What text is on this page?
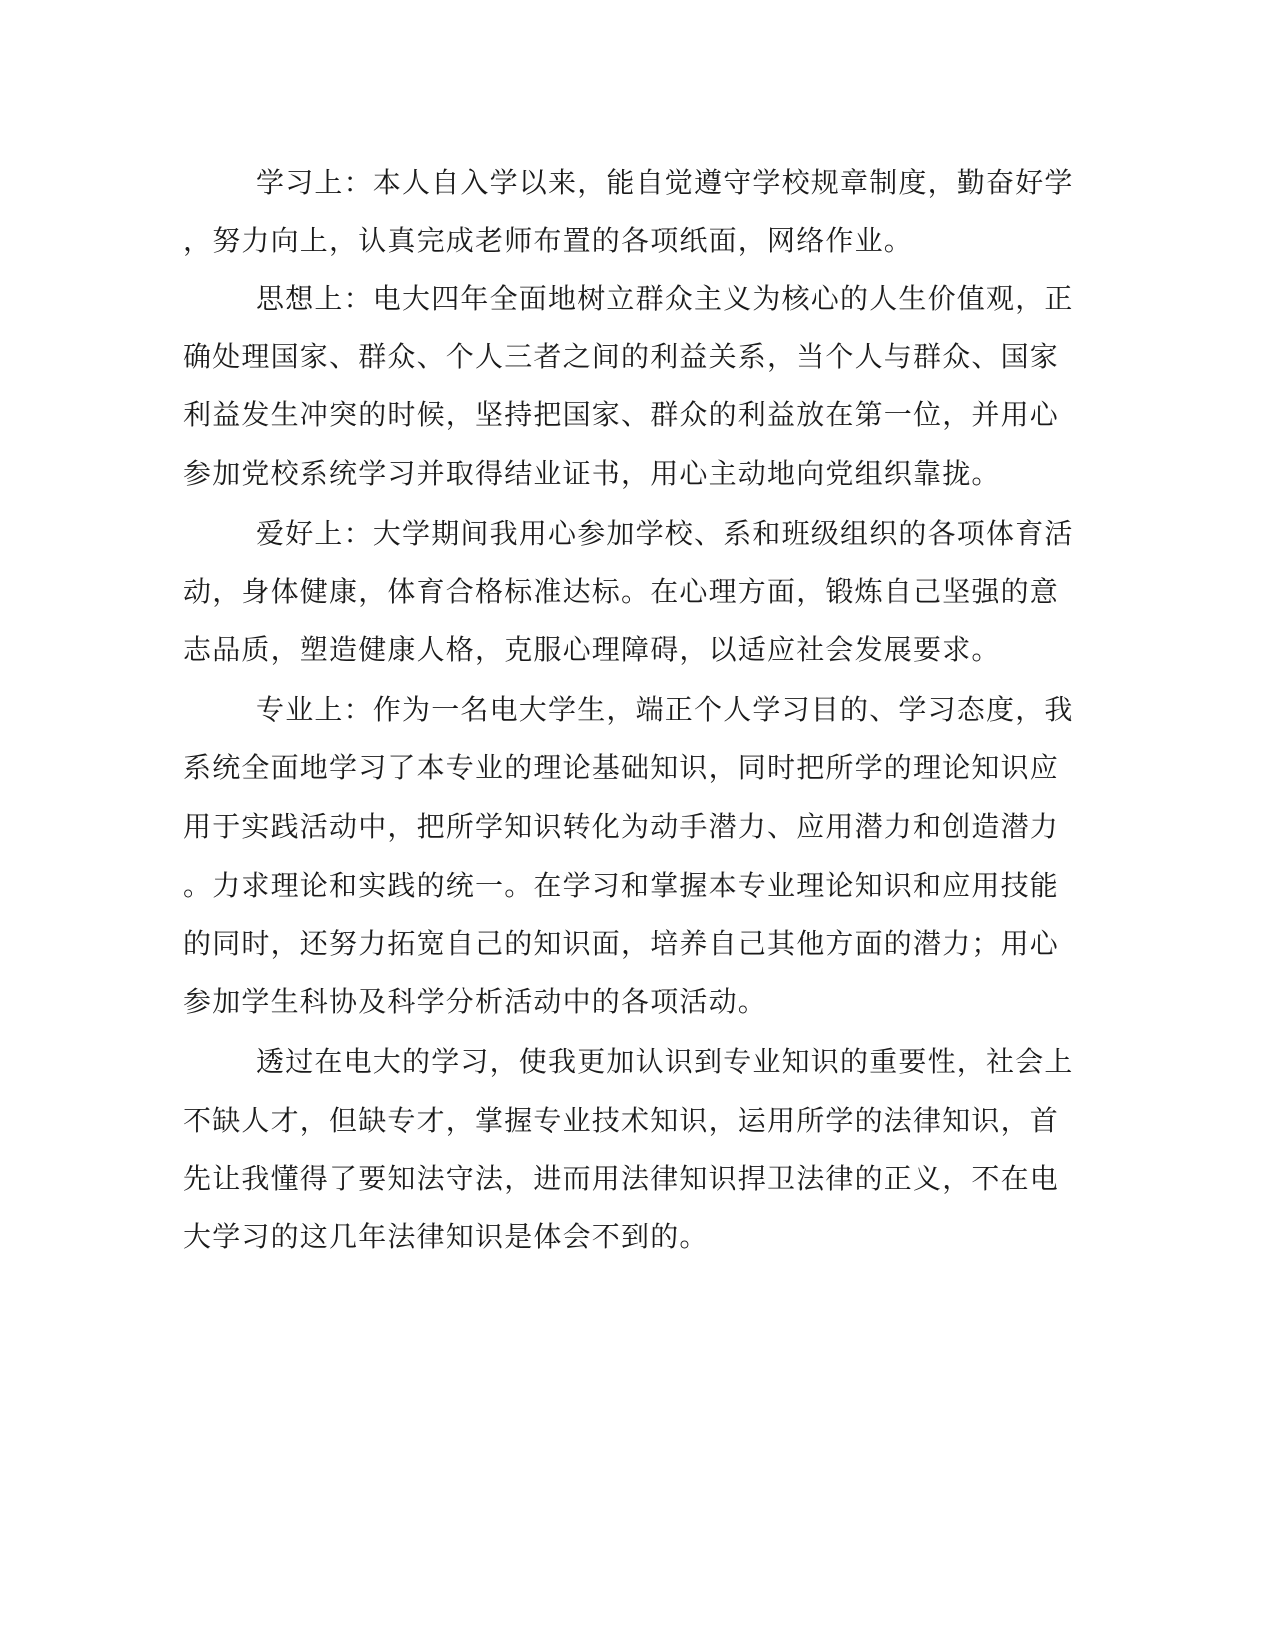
学习上：本人自入学以来，能自觉遵守学校规章制度，勤奋好学

，努力向上，认真完成老师布置的各项纸面，网络作业。

思想上：电大四年全面地树立群众主义为核心的人生价值观，正

确处理国家、群众、个人三者之间的利益关系，当个人与群众、国家

利益发生冲突的时候，坚持把国家、群众的利益放在第一位，并用心

参加党校系统学习并取得结业证书，用心主动地向党组织靠拢。

爱好上：大学期间我用心参加学校、系和班级组织的各项体育活

动，身体健康，体育合格标准达标。在心理方面，锻炼自己坚强的意

志品质，塑造健康人格，克服心理障碍，以适应社会发展要求。

专业上：作为一名电大学生，端正个人学习目的、学习态度，我

系统全面地学习了本专业的理论基础知识，同时把所学的理论知识应

用于实践活动中，把所学知识转化为动手潜力、应用潜力和创造潜力

。力求理论和实践的统一。在学习和掌握本专业理论知识和应用技能

的同时，还努力拓宽自己的知识面，培养自己其他方面的潜力；用心

参加学生科协及科学分析活动中的各项活动。

透过在电大的学习，使我更加认识到专业知识的重要性，社会上

不缺人才，但缺专才，掌握专业技术知识，运用所学的法律知识，首

先让我懂得了要知法守法，进而用法律知识捍卫法律的正义，不在电

大学习的这几年法律知识是体会不到的。
